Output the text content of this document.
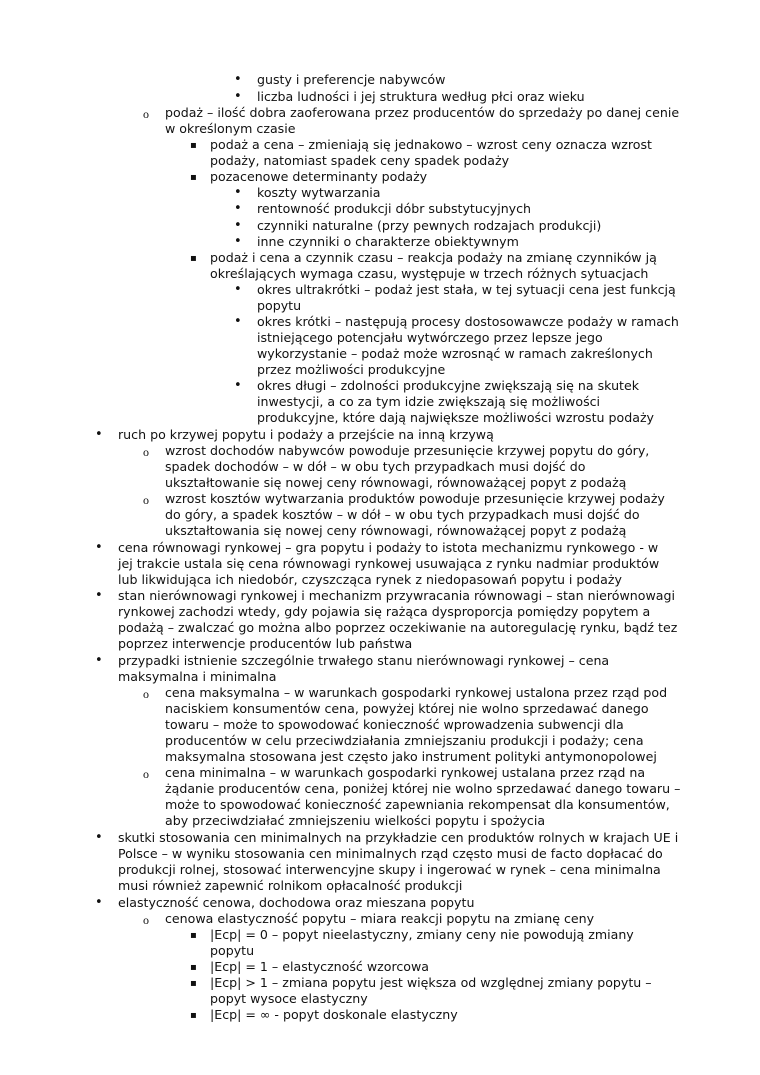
• gusty i preferencje nabywców
• liczba ludności i jej struktura według płci oraz wieku
o podaż – ilość dobra zaoferowana przez producentów do sprzedaży po danej cenie
w określonym czasie
▪ podaż a cena – zmieniają się jednakowo – wzrost ceny oznacza wzrost
podaży, natomiast spadek ceny spadek podaży
▪ pozacenowe determinanty podaży
• koszty wytwarzania
• rentowność produkcji dóbr substytucyjnych
• czynniki naturalne (przy pewnych rodzajach produkcji)
• inne czynniki o charakterze obiektywnym
▪ podaż i cena a czynnik czasu – reakcja podaży na zmianę czynników ją
określających wymaga czasu, występuje w trzech różnych sytuacjach
• okres ultrakrótki – podaż jest stała, w tej sytuacji cena jest funkcją
popytu
• okres krótki – następują procesy dostosowawcze podaży w ramach
istniejącego potencjału wytwórczego przez lepsze jego
wykorzystanie – podaż może wzrosnąć w ramach zakreślonych
przez możliwości produkcyjne
• okres długi – zdolności produkcyjne zwiększają się na skutek
inwestycji, a co za tym idzie zwiększają się możliwości
produkcyjne, które dają największe możliwości wzrostu podaży
• ruch po krzywej popytu i podaży a przejście na inną krzywą
o wzrost dochodów nabywców powoduje przesunięcie krzywej popytu do góry,
spadek dochodów – w dół – w obu tych przypadkach musi dojść do
ukształtowanie się nowej ceny równowagi, równoważącej popyt z podażą
o wzrost kosztów wytwarzania produktów powoduje przesunięcie krzywej podaży
do góry, a spadek kosztów – w dół – w obu tych przypadkach musi dojść do
ukształtowania się nowej ceny równowagi, równoważącej popyt z podażą
• cena równowagi rynkowej – gra popytu i podaży to istota mechanizmu rynkowego - w
jej trakcie ustala się cena równowagi rynkowej usuwająca z rynku nadmiar produktów
lub likwidująca ich niedobór, czyszcząca rynek z niedopasowań popytu i podaży
• stan nierównowagi rynkowej i mechanizm przywracania równowagi – stan nierównowagi
rynkowej zachodzi wtedy, gdy pojawia się rażąca dysproporcja pomiędzy popytem a
podażą – zwalczać go można albo poprzez oczekiwanie na autoregulację rynku, bądź tez
poprzez interwencje producentów lub państwa
• przypadki istnienie szczególnie trwałego stanu nierównowagi rynkowej – cena
maksymalna i minimalna
o cena maksymalna – w warunkach gospodarki rynkowej ustalona przez rząd pod
naciskiem konsumentów cena, powyżej której nie wolno sprzedawać danego
towaru – może to spowodować konieczność wprowadzenia subwencji dla
producentów w celu przeciwdziałania zmniejszaniu produkcji i podaży; cena
maksymalna stosowana jest często jako instrument polityki antymonopolowej
o cena minimalna – w warunkach gospodarki rynkowej ustalana przez rząd na
żądanie producentów cena, poniżej której nie wolno sprzedawać danego towaru –
może to spowodować konieczność zapewniania rekompensat dla konsumentów,
aby przeciwdziałać zmniejszeniu wielkości popytu i spożycia
• skutki stosowania cen minimalnych na przykładzie cen produktów rolnych w krajach UE i
Polsce – w wyniku stosowania cen minimalnych rząd często musi de facto dopłacać do
produkcji rolnej, stosować interwencyjne skupy i ingerować w rynek – cena minimalna
musi również zapewnić rolnikom opłacalność produkcji
• elastyczność cenowa, dochodowa oraz mieszana popytu
o cenowa elastyczność popytu – miara reakcji popytu na zmianę ceny
▪ |Ecp| = 0 – popyt nieelastyczny, zmiany ceny nie powodują zmiany
popytu
▪ |Ecp| = 1 – elastyczność wzorcowa
▪ |Ecp| > 1 – zmiana popytu jest większa od względnej zmiany popytu –
popyt wysoce elastyczny
▪ |Ecp| = ∞ - popyt doskonale elastyczny
